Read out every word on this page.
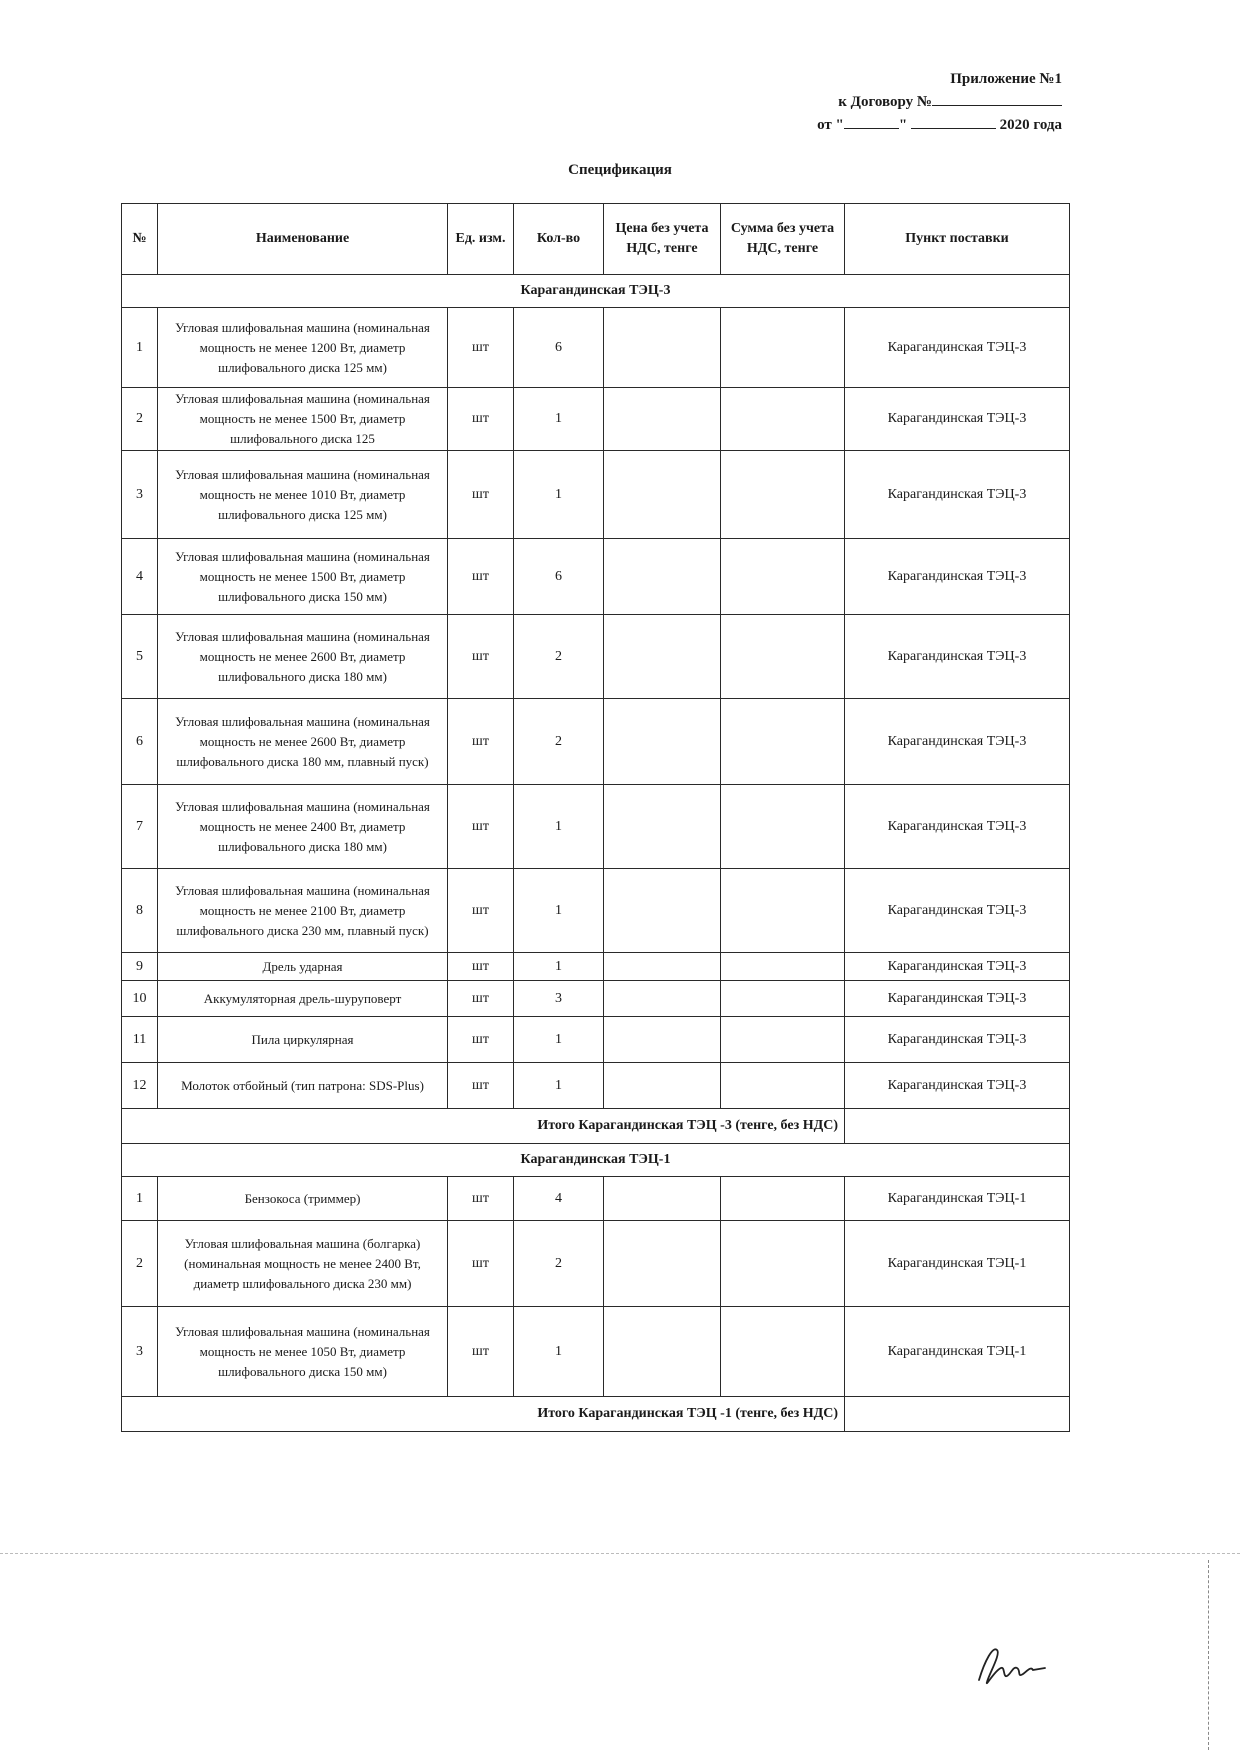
Приложение №1
к Договору №
от "	"	2020 года
Спецификация
№	Наименование	Ед. изм.	Кол-во	Цена без учета НДС, тенге	Сумма без учета НДС, тенге	Пункт поставки
Карагандинская ТЭЦ-3						
1	Угловая шлифовальная машина (номинальная мощность не менее 1200 Вт, диаметр шлифовального диска 125 мм)	шт	6			Карагандинская ТЭЦ-3
2	Угловая шлифовальная машина (номинальная мощность не менее 1500 Вт, диаметр шлифовального диска 125	шт	1			Карагандинская ТЭЦ-3
3	Угловая шлифовальная машина (номинальная мощность не менее 1010 Вт, диаметр шлифовального диска 125 мм)	шт	1			Карагандинская ТЭЦ-3
4	Угловая шлифовальная машина (номинальная мощность не менее 1500 Вт, диаметр шлифовального диска 150 мм)	шт	6			Карагандинская ТЭЦ-3
5	Угловая шлифовальная машина (номинальная мощность не менее 2600 Вт, диаметр шлифовального диска 180 мм)	шт	2			Карагандинская ТЭЦ-3
6	Угловая шлифовальная машина (номинальная мощность не менее 2600 Вт, диаметр шлифовального диска 180 мм, плавный пуск)	шт	2			Карагандинская ТЭЦ-3
7	Угловая шлифовальная машина (номинальная мощность не менее 2400 Вт, диаметр шлифовального диска 180 мм)	шт	1			Карагандинская ТЭЦ-3
8	Угловая шлифовальная машина (номинальная мощность не менее 2100 Вт, диаметр шлифовального диска 230 мм, плавный пуск)	шт	1			Карагандинская ТЭЦ-3
9	Дрель ударная	шт	1			Карагандинская ТЭЦ-3
10	Аккумуляторная дрель-шуруповерт	шт	3			Карагандинская ТЭЦ-3
11	Пила циркулярная	шт	1			Карагандинская ТЭЦ-3
12	Молоток отбойный (тип патрона: SDS-Plus)	шт	1			Карагандинская ТЭЦ-3
Итого Карагандинская ТЭЦ -3 (тенге, без НДС)						
Карагандинская ТЭЦ-1						
1	Бензокоса (триммер)	шт	4			Карагандинская ТЭЦ-1
2	Угловая шлифовальная машина (болгарка) (номинальная мощность не менее 2400 Вт, диаметр шлифовального диска 230 мм)	шт	2			Карагандинская ТЭЦ-1
3	Угловая шлифовальная машина (номинальная мощность не менее 1050 Вт, диаметр шлифовального диска 150 мм)	шт	1			Карагандинская ТЭЦ-1
Итого Карагандинская ТЭЦ -1 (тенге, без НДС)						
